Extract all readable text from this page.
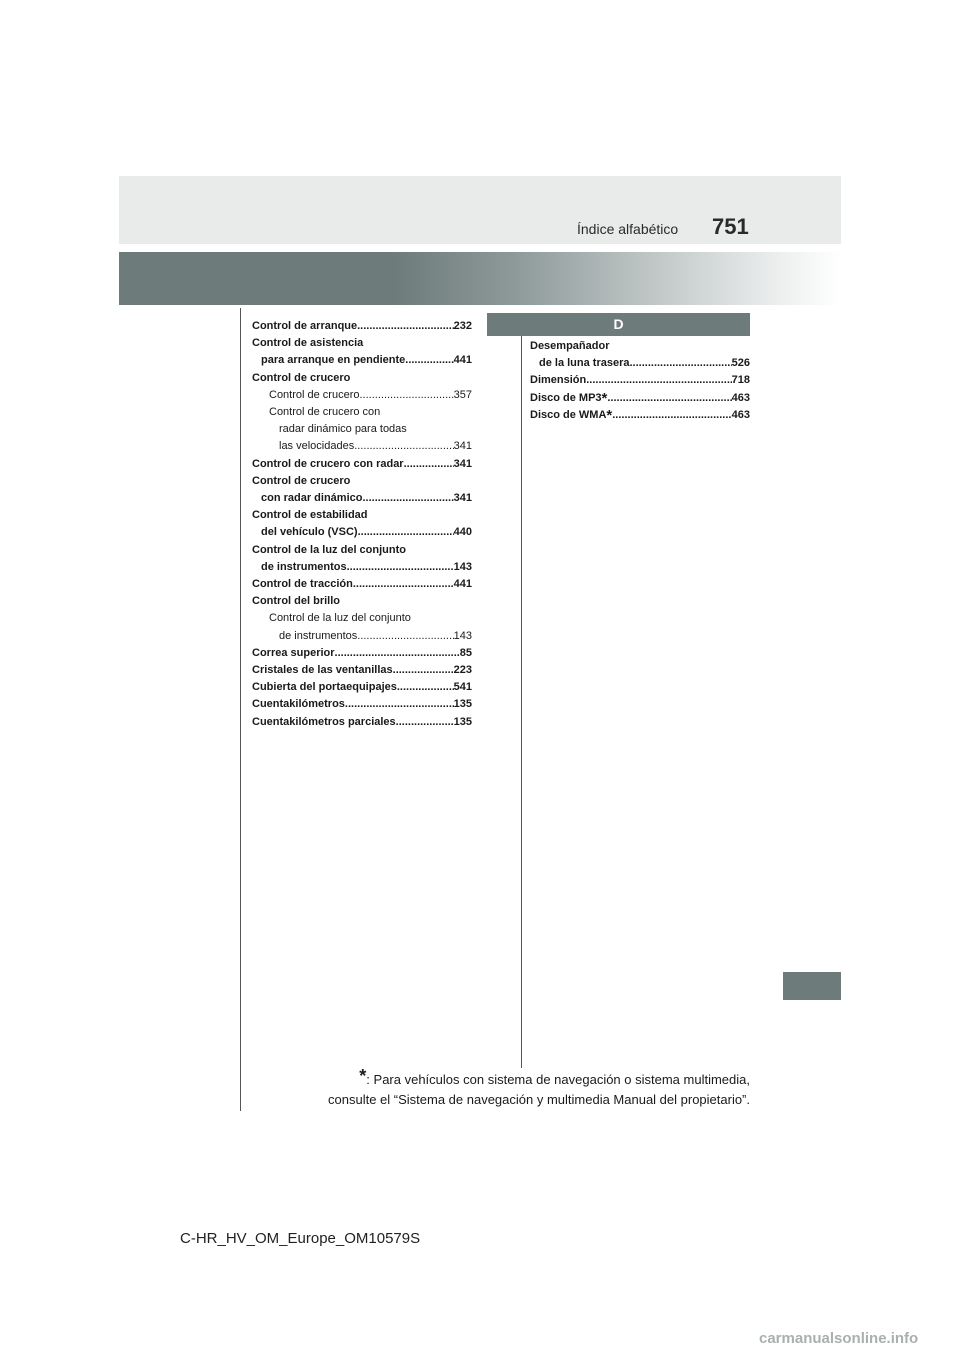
751
Índice alfabético
Control de arranque .....	232
Control de asistencia
para arranque en pendiente .....	441
Control de crucero
Control de crucero .....	357
Control de crucero con
radar dinámico para todas
las velocidades .....	341
Control de crucero con radar .....	341
Control de crucero
con radar dinámico .....	341
Control de estabilidad
del vehículo (VSC) .....	440
Control de la luz del conjunto
de instrumentos .....	143
Control de tracción .....	441
Control del brillo
Control de la luz del conjunto
de instrumentos .....	143
Correa superior .....	85
Cristales de las ventanillas .....	223
Cubierta del portaequipajes .....	541
Cuentakilómetros .....	135
Cuentakilómetros parciales .....	135
D
Desempañador
de la luna trasera .....	526
Dimensión .....	718
Disco de MP3 * .....	463
Disco de WMA * .....	463
*: Para vehículos con sistema de navegación o sistema multimedia,
consulte el “Sistema de navegación y multimedia Manual del propietario”.
C-HR_HV_OM_Europe_OM10579S
carmanualsonline.info
